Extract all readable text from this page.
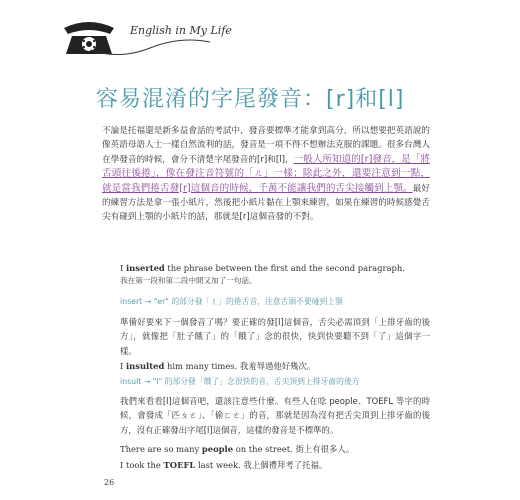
English in My Life
容易混淆的字尾發音：[r]和[l]
不論是托福還是新多益會話的考試中，發音要標準才能拿到高分，所以想要把英語說的像英語母語人士一樣自然流利的話，發音是一項不得不想辦法克服的課題。很多台灣人在學發音的時候，會分不清楚字尾發音的[r]和[l]，一般人所知道的[r]發音，是「將舌頭往後捲」，像在發注音符號的「ㄦ」一樣；除此之外，還要注意到一點，就是當我們捲舌發[r]這個音的時候，千萬不能讓我們的舌尖接觸到上顎。最好的練習方法是拿一張小紙片，然後把小紙片黏在上顎來練習，如果在練習的時候感覺舌尖有碰到上顎的小紙片的話，那就是[r]這個音發的不對。
I inserted the phrase between the first and the second paragraph.
我在第一段和第二段中間又加了一句話。
insert → "er" 的部分發「ㄦ」的捲舌音，注意舌頭不要碰到上顎
準備好要來下一個發音了嗎？要正確的發[l]這個音，舌尖必需頂到「上排牙齒的後方」，就像把「肚子餓了」的「餓了」念的很快，快到快要聽不到「了」這個字一樣。
I insulted him many times. 我羞辱過他好幾次。
insult → "l" 的部分發「餓了」念很快的音，舌尖頂到上排牙齒的後方
我們來看看[l]這個音吧，還該注意些什麼。有些人在唸 people、TOEFL 等字的時候，會發成「匹ㄆㄜ」、「偷ㄈㄜ」的音，那就是因為沒有把舌尖頂到上排牙齒的後方，沒有正確發出字尾[l]這個音，這樣的發音是不標準的。
There are so many people on the street. 街上有很多人。
I took the TOEFL last week. 我上個禮拜考了托福。
26
